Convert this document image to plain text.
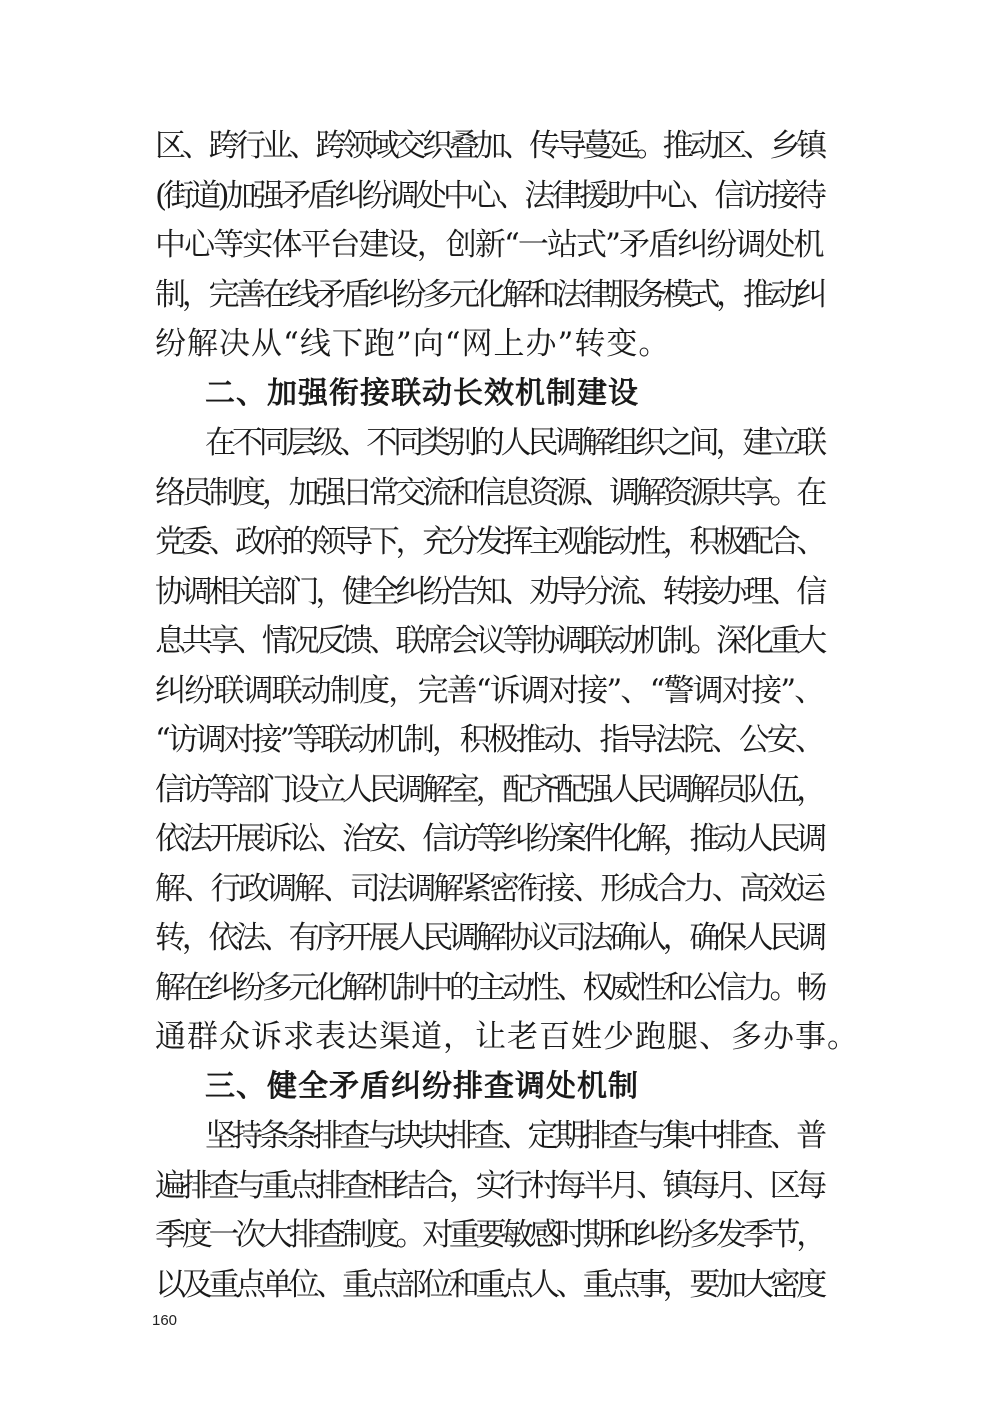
区、跨行业、跨领域交织叠加、传导蔓延。推动区、乡镇
(街道)加强矛盾纠纷调处中心、法律援助中心、信访接待
中心等实体平台建设，创新“一站式”矛盾纠纷调处机
制，完善在线矛盾纠纷多元化解和法律服务模式，推动纠
纷解决从“线下跑”向“网上办”转变。
二、加强衔接联动长效机制建设
在不同层级、不同类别的人民调解组织之间，建立联
络员制度，加强日常交流和信息资源、调解资源共享。在
党委、政府的领导下，充分发挥主观能动性，积极配合、
协调相关部门，健全纠纷告知、劝导分流、转接办理、信
息共享、情况反馈、联席会议等协调联动机制。深化重大
纠纷联调联动制度，完善“诉调对接”、“警调对接”、
“访调对接”等联动机制，积极推动、指导法院、公安、
信访等部门设立人民调解室，配齐配强人民调解员队伍，
依法开展诉讼、治安、信访等纠纷案件化解，推动人民调
解、行政调解、司法调解紧密衔接、形成合力、高效运
转，依法、有序开展人民调解协议司法确认，确保人民调
解在纠纷多元化解机制中的主动性、权威性和公信力。畅
通群众诉求表达渠道，让老百姓少跑腿、多办事。
三、健全矛盾纠纷排查调处机制
坚持条条排查与块块排查、定期排查与集中排查、普
遍排查与重点排查相结合，实行村每半月、镇每月、区每
季度一次大排查制度。对重要敏感时期和纠纷多发季节，
以及重点单位、重点部位和重点人、重点事，要加大密度
160
